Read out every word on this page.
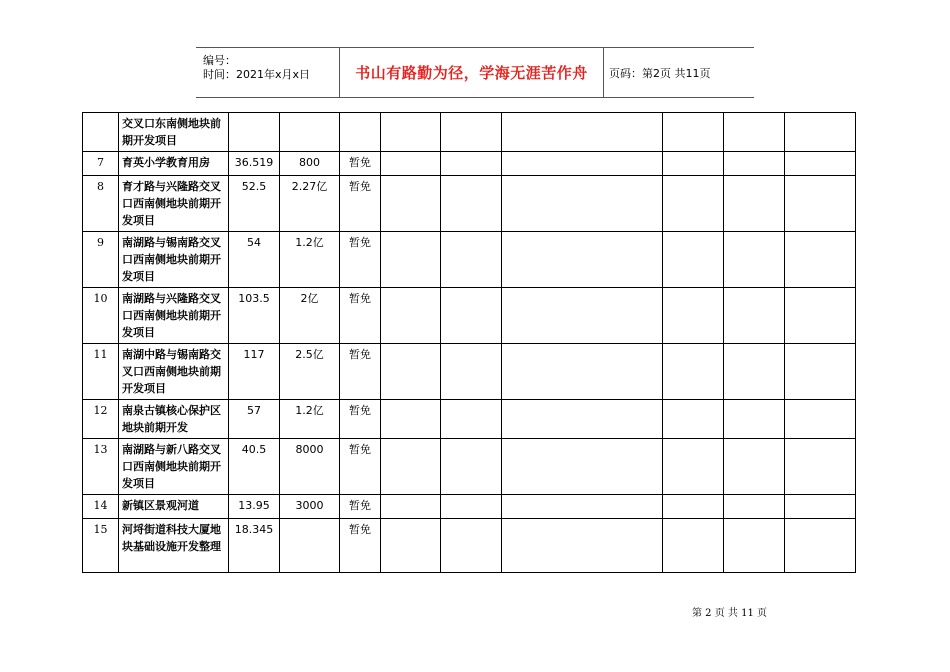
编号：
时间：2021年x月x日	书山有路勤为径，学海无涯苦作舟 页码：第2页 共11页
	交叉口东南侧地块前期开发项目									
7	育英小学教育用房	36.519	800	暂免						
8	育才路与兴隆路交叉口西南侧地块前期开发项目	52.5	2.27亿	暂免						
9	南湖路与锡南路交叉口西南侧地块前期开发项目	54	1.2亿	暂免						
10	南湖路与兴隆路交叉口西南侧地块前期开发项目	103.5	2亿	暂免						
11	南湖中路与锡南路交叉口西南侧地块前期开发项目	117	2.5亿	暂免						
12	南泉古镇核心保护区地块前期开发	57	1.2亿	暂免						
13	南湖路与新八路交叉口西南侧地块前期开发项目	40.5	8000	暂免						
14	新镇区景观河道	13.95	3000	暂免						
15	河埒街道科技大厦地块基础设施开发整理	18.345		暂免						
第 2 页 共 11 页
